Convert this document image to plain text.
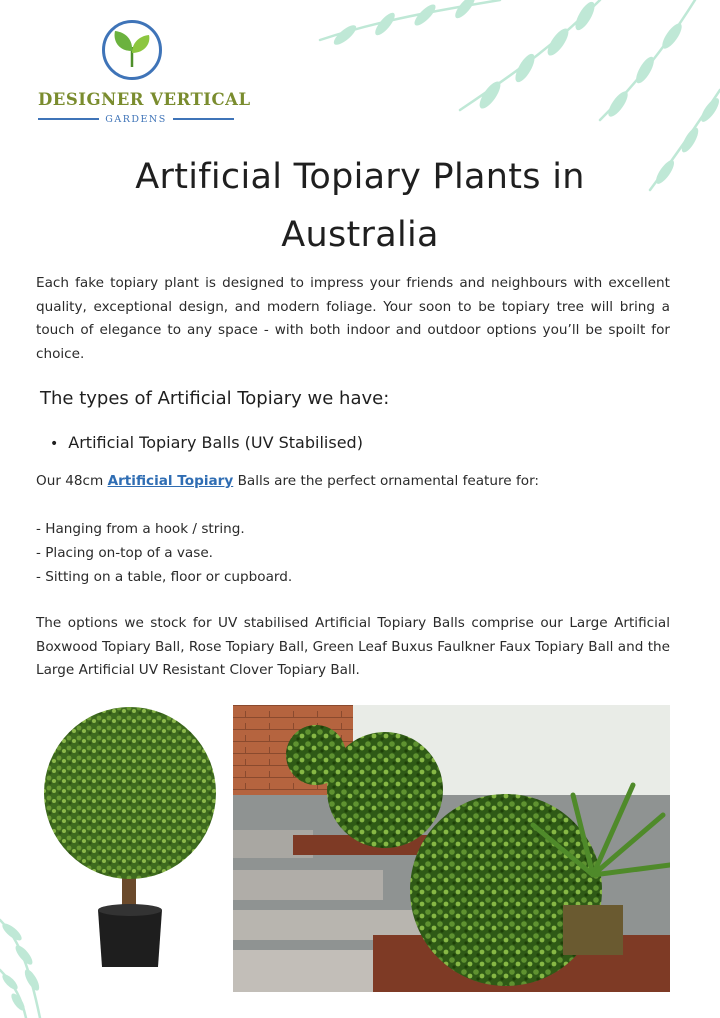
DESIGNER VERTICAL
GARDENS
Artificial Topiary Plants in Australia

Each fake topiary plant is designed to impress your friends and neighbours with excellent quality, exceptional design, and modern foliage. Your soon to be topiary tree will bring a touch of elegance to any space - with both indoor and outdoor options you’ll be spoilt for choice.

The types of Artificial Topiary we have:
• Artificial Topiary Balls (UV Stabilised)

Our 48cm Artificial Topiary Balls are the perfect ornamental feature for:

- Hanging from a hook / string.
- Placing on-top of a vase.
- Sitting on a table, floor or cupboard.

The options we stock for UV stabilised Artificial Topiary Balls comprise our Large Artificial Boxwood Topiary Ball, Rose Topiary Ball, Green Leaf Buxus Faulkner Faux Topiary Ball and the Large Artificial UV Resistant Clover Topiary Ball.
